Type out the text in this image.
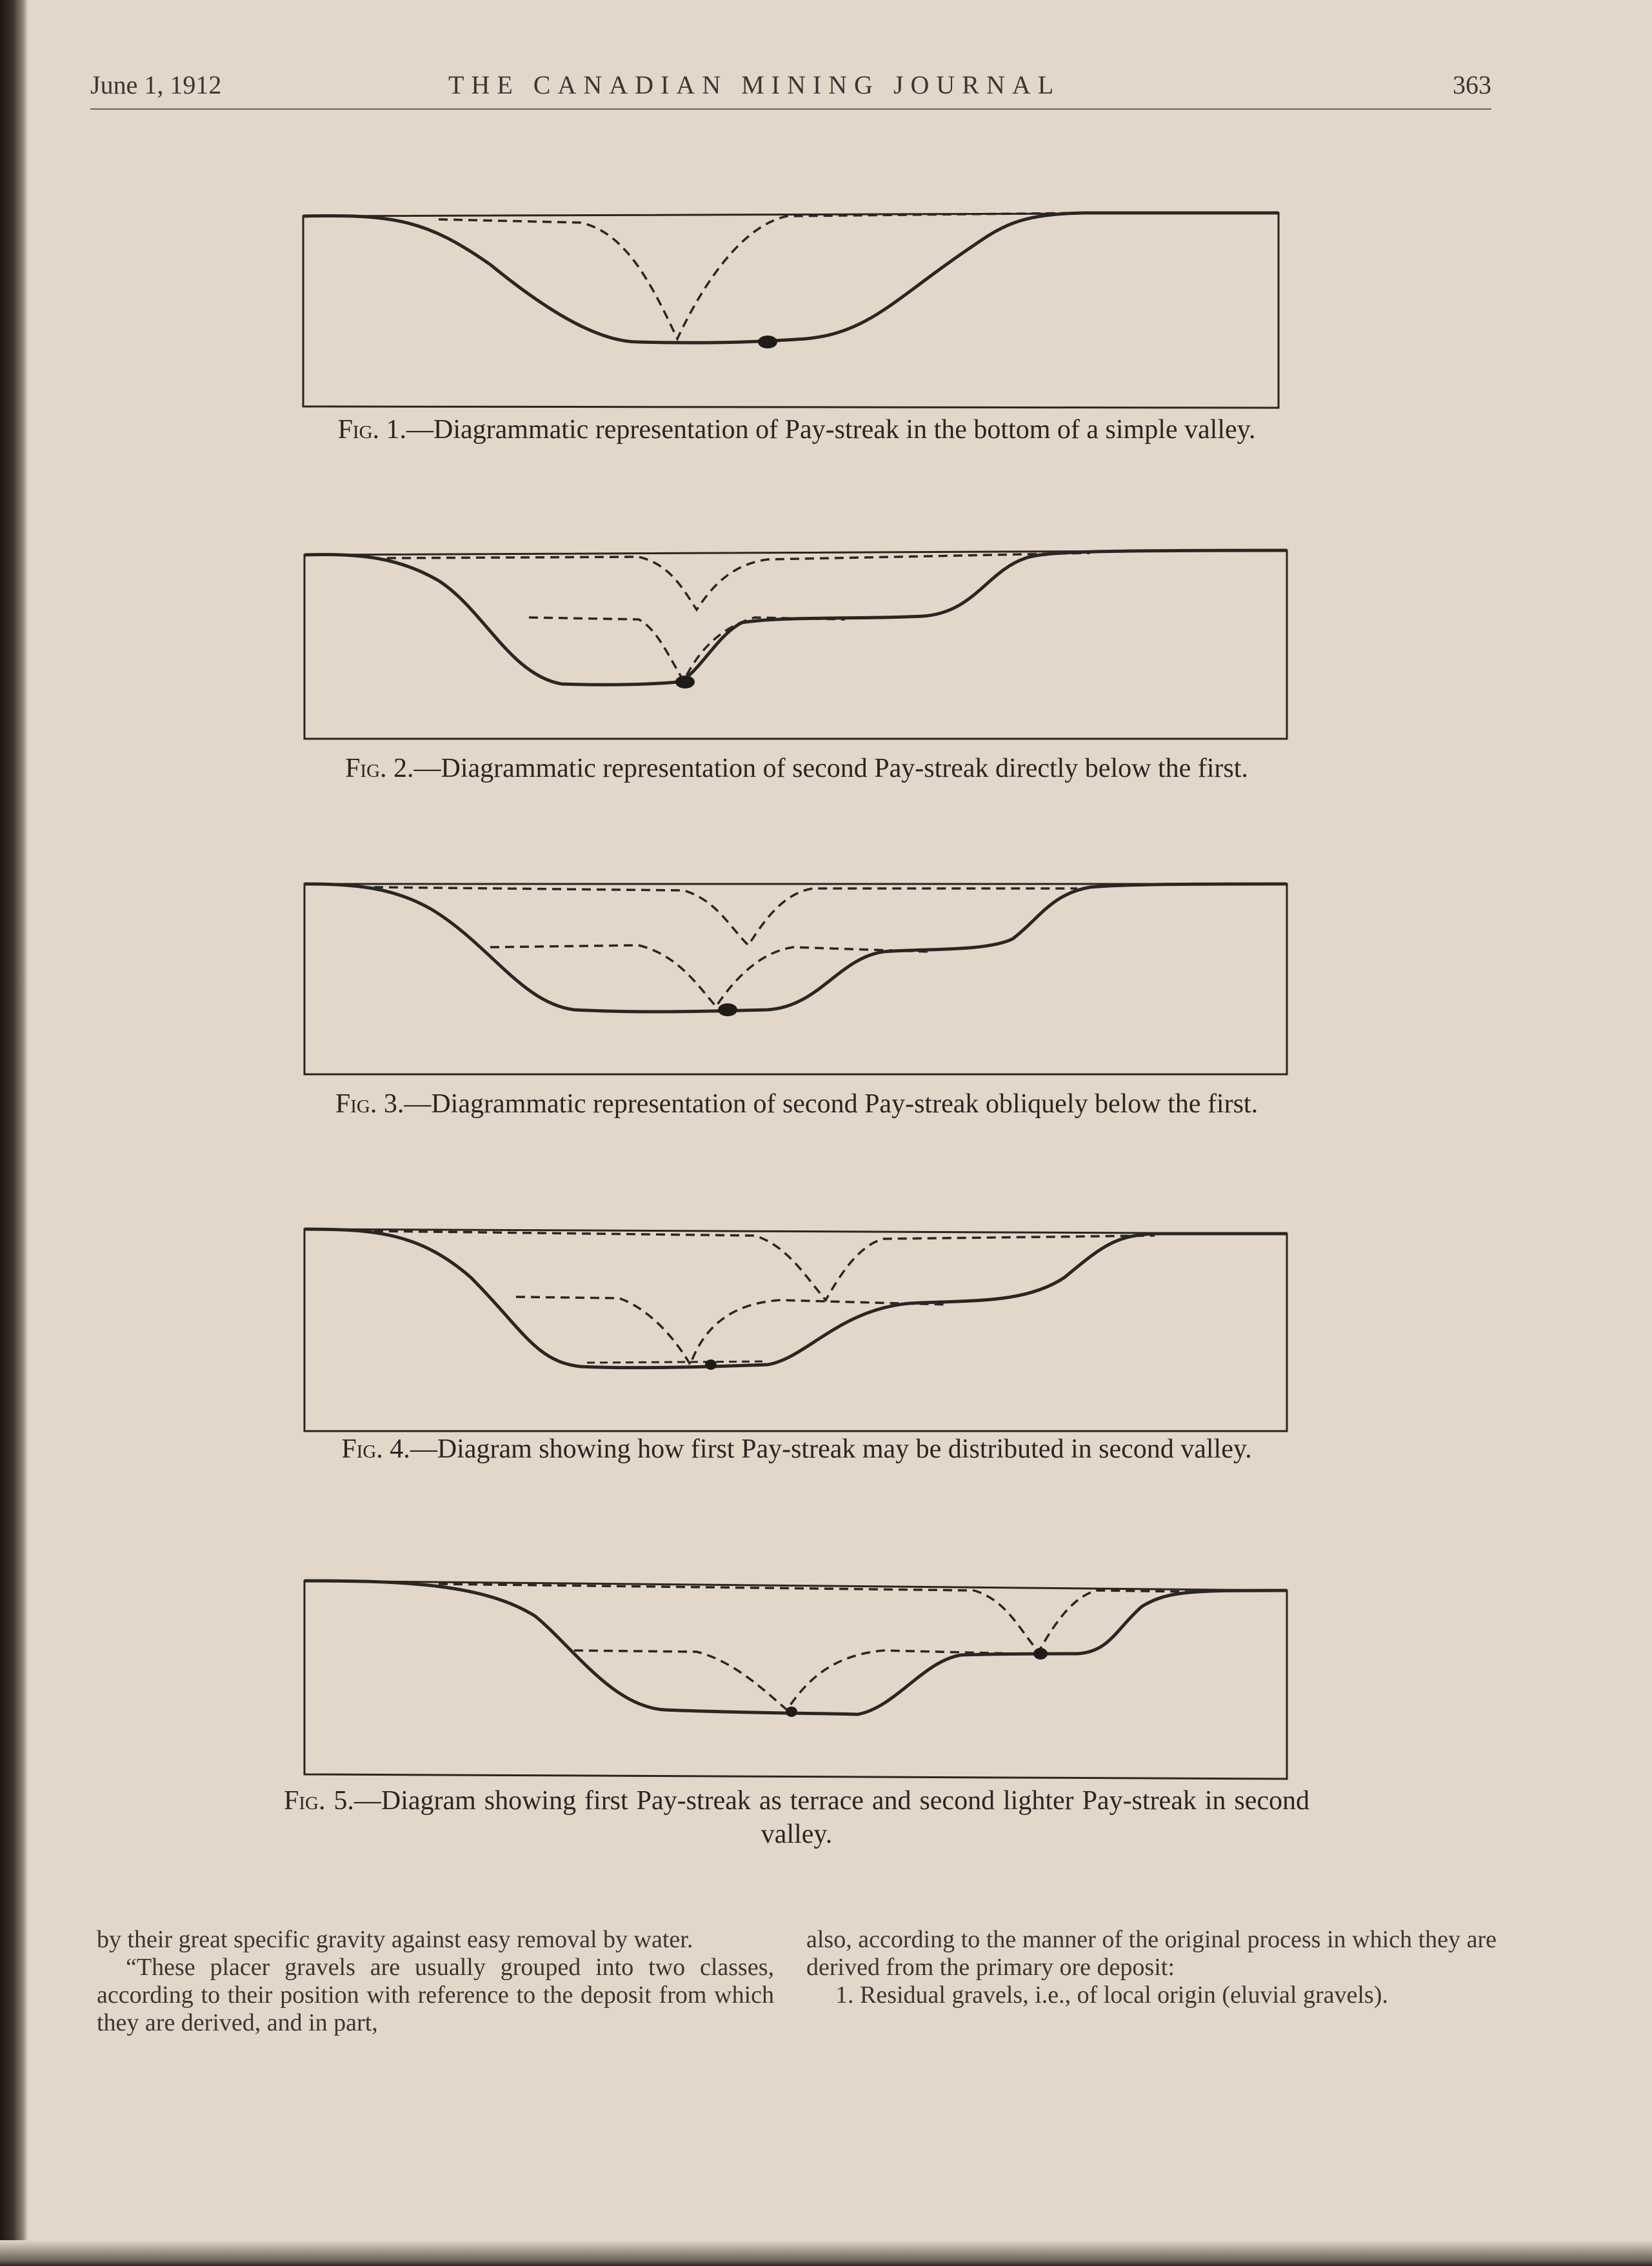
June 1, 1912	THE CANADIAN MINING JOURNAL	363
Fig. 1.—Diagrammatic representation of Pay-streak in the bottom of a simple valley.
Fig. 2.—Diagrammatic representation of second Pay-streak directly below the first.
Fig. 3.—Diagrammatic representation of second Pay-streak obliquely below the first.
Fig. 4.—Diagram showing how first Pay-streak may be distributed in second valley.
Fig. 5.—Diagram showing first Pay-streak as terrace and second lighter Pay-streak in second valley.

by their great specific gravity against easy removal by water.

“These placer gravels are usually grouped into two classes, according to their position with reference to the deposit from which they are derived, and in part,

also, according to the manner of the original process in which they are derived from the primary ore deposit:

1. Residual gravels, i.e., of local origin (eluvial gravels).
